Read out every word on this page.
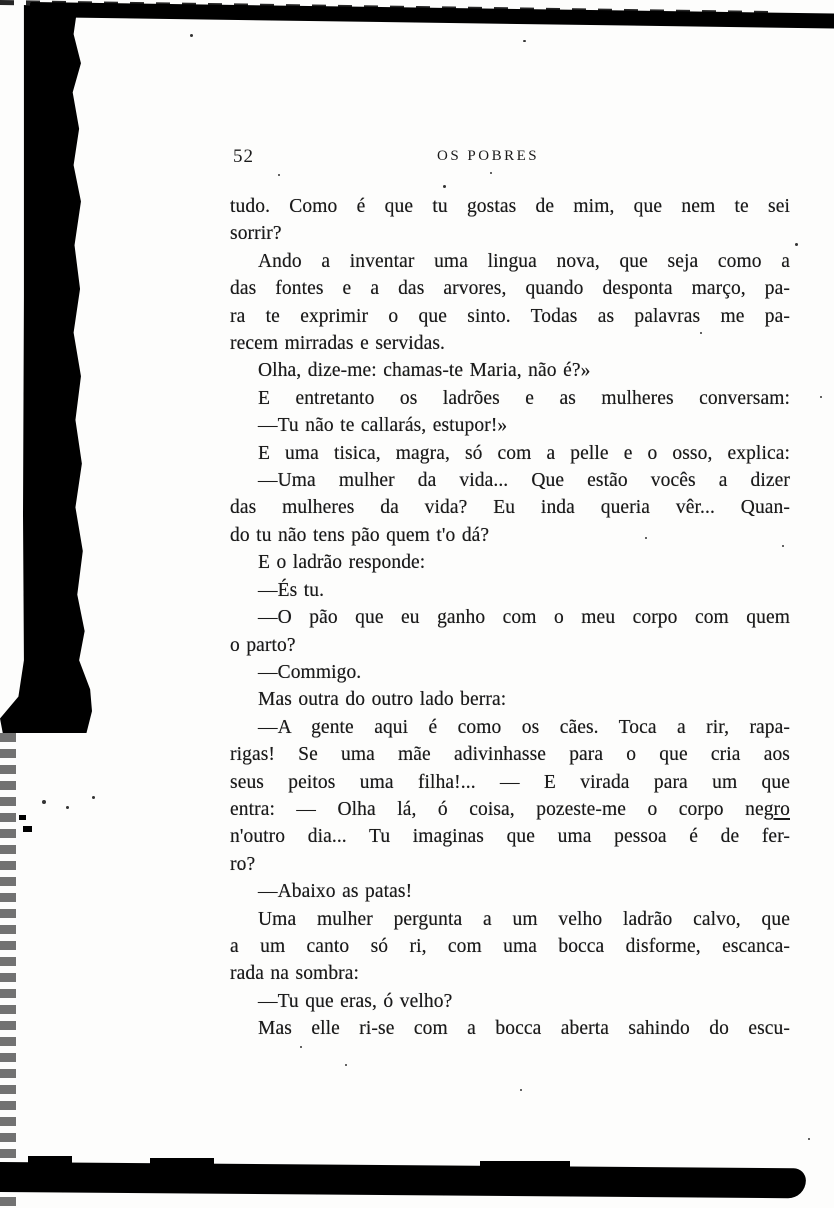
52	OS POBRES
tudo. Como é que tu gostas de mim, que nem te sei
sorrir?
Ando a inventar uma lingua nova, que seja como a
das fontes e a das arvores, quando desponta março, pa-
ra te exprimir o que sinto. Todas as palavras me pa-
recem mirradas e servidas.
Olha, dize-me: chamas-te Maria, não é?»
E entretanto os ladrões e as mulheres conversam:
—Tu não te callarás, estupor!»
E uma tisica, magra, só com a pelle e o osso, explica:
—Uma mulher da vida... Que estão vocês a dizer
das mulheres da vida? Eu inda queria vêr... Quan-
do tu não tens pão quem t'o dá?
E o ladrão responde:
—És tu.
—O pão que eu ganho com o meu corpo com quem
o parto?
—Commigo.
Mas outra do outro lado berra:
—A gente aqui é como os cães. Toca a rir, rapa-
rigas! Se uma mãe adivinhasse para o que cria aos
seus peitos uma filha!... — E virada para um que
entra: — Olha lá, ó coisa, pozeste-me o corpo negro
n'outro dia... Tu imaginas que uma pessoa é de fer-
ro?
—Abaixo as patas!
Uma mulher pergunta a um velho ladrão calvo, que
a um canto só ri, com uma bocca disforme, escanca-
rada na sombra:
—Tu que eras, ó velho?
Mas elle ri-se com a bocca aberta sahindo do escu-
